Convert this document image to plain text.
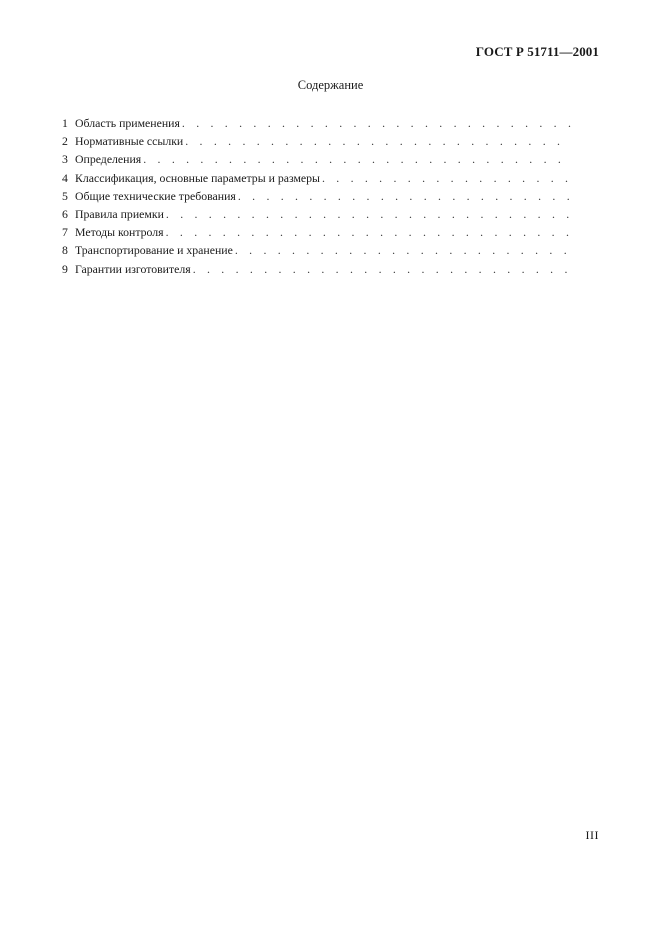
ГОСТ Р 51711—2001
Содержание
1 Область применения
. . .
2 Нормативные ссылки
. . .
3 Определения
. . .
4 Классификация, основные параметры и размеры
. . .
5 Общие технические требования
. . .
6 Правила приемки
. . .
7 Методы контроля
. . .
8 Транспортирование и хранение
. . .
9 Гарантии изготовителя
. . .
III
